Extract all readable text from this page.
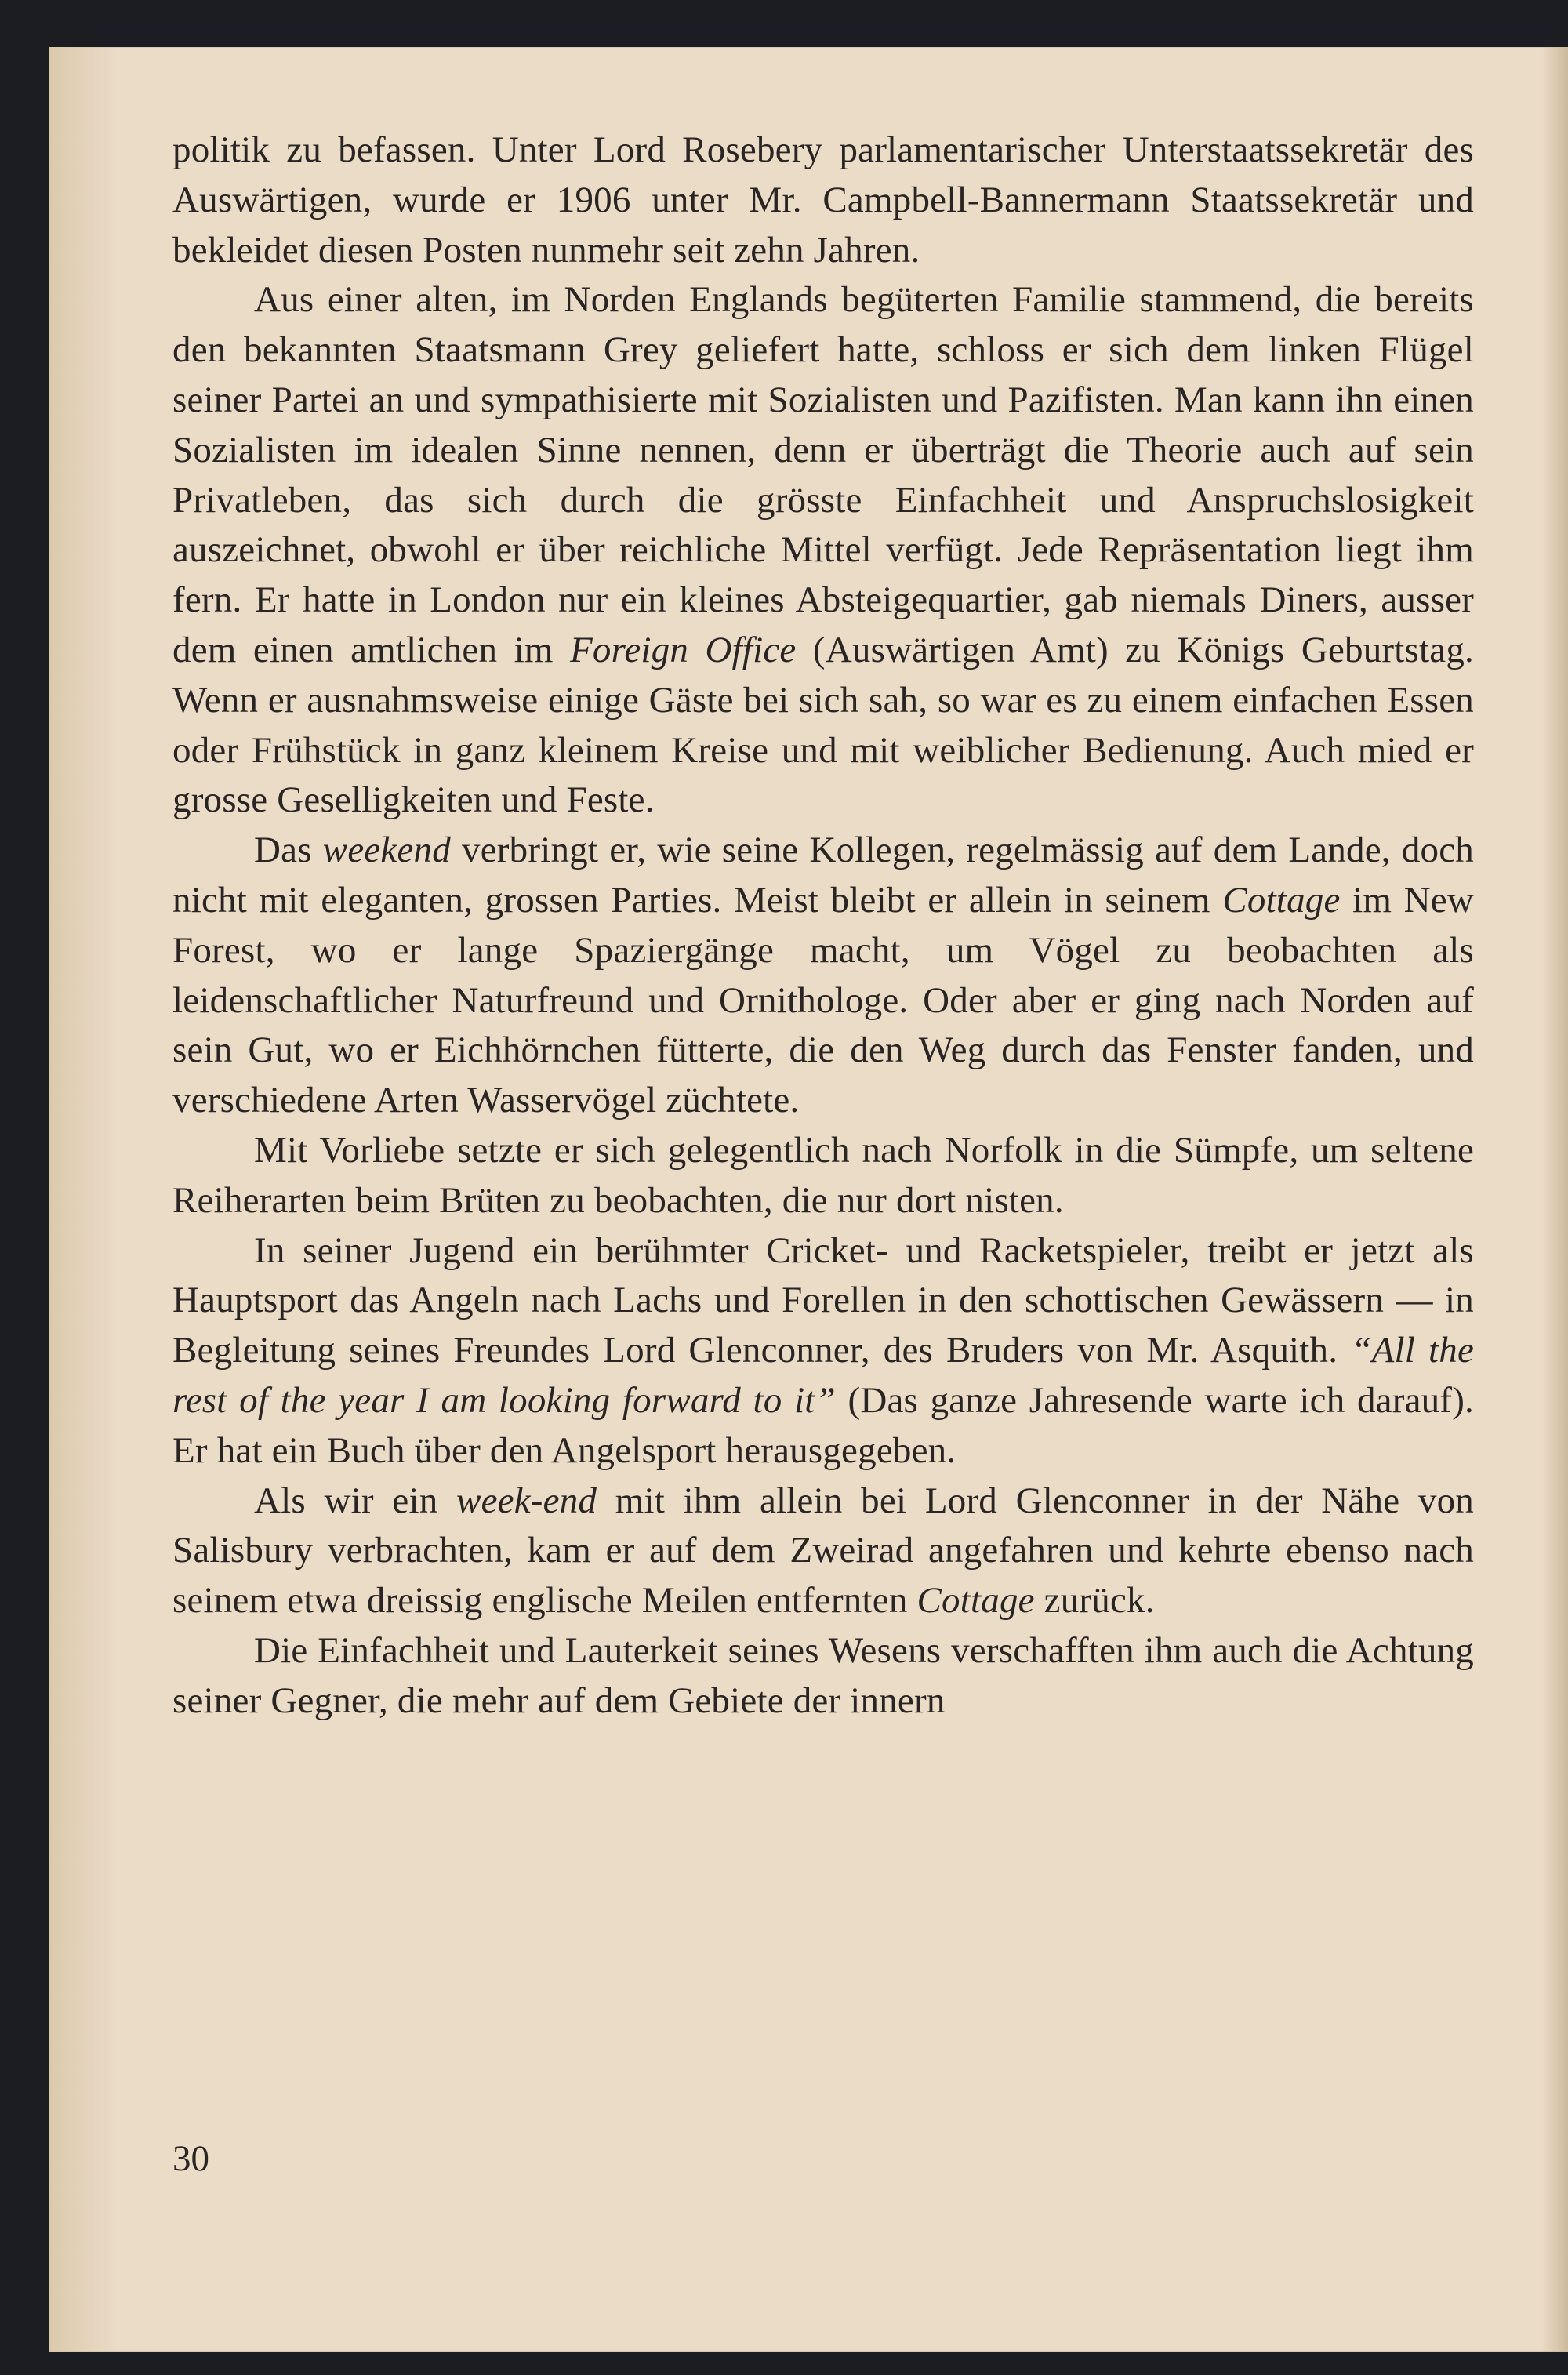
politik zu befassen. Unter Lord Rosebery parlamentarischer Unterstaatssekretär des Auswärtigen, wurde er 1906 unter Mr. Campbell-Bannermann Staatssekretär und bekleidet diesen Posten nunmehr seit zehn Jahren.

Aus einer alten, im Norden Englands begüterten Familie stammend, die bereits den bekannten Staatsmann Grey geliefert hatte, schloss er sich dem linken Flügel seiner Partei an und sympathisierte mit Sozialisten und Pazifisten. Man kann ihn einen Sozialisten im idealen Sinne nennen, denn er überträgt die Theorie auch auf sein Privatleben, das sich durch die grösste Einfachheit und Anspruchslosigkeit auszeichnet, obwohl er über reichliche Mittel verfügt. Jede Repräsentation liegt ihm fern. Er hatte in London nur ein kleines Absteigequartier, gab niemals Diners, ausser dem einen amtlichen im Foreign Office (Auswärtigen Amt) zu Königs Geburtstag. Wenn er ausnahmsweise einige Gäste bei sich sah, so war es zu einem einfachen Essen oder Frühstück in ganz kleinem Kreise und mit weiblicher Bedienung. Auch mied er grosse Geselligkeiten und Feste.

Das weekend verbringt er, wie seine Kollegen, regelmässig auf dem Lande, doch nicht mit eleganten, grossen Parties. Meist bleibt er allein in seinem Cottage im New Forest, wo er lange Spaziergänge macht, um Vögel zu beobachten als leidenschaftlicher Naturfreund und Ornithologe. Oder aber er ging nach Norden auf sein Gut, wo er Eichhörnchen fütterte, die den Weg durch das Fenster fanden, und verschiedene Arten Wasservögel züchtete.

Mit Vorliebe setzte er sich gelegentlich nach Norfolk in die Sümpfe, um seltene Reiherarten beim Brüten zu beobachten, die nur dort nisten.

In seiner Jugend ein berühmter Cricket- und Racketspieler, treibt er jetzt als Hauptsport das Angeln nach Lachs und Forellen in den schottischen Gewässern — in Begleitung seines Freundes Lord Glenconner, des Bruders von Mr. Asquith. “All the rest of the year I am looking forward to it” (Das ganze Jahresende warte ich darauf). Er hat ein Buch über den Angelsport herausgegeben.

Als wir ein week-end mit ihm allein bei Lord Glenconner in der Nähe von Salisbury verbrachten, kam er auf dem Zweirad angefahren und kehrte ebenso nach seinem etwa dreissig englische Meilen entfernten Cottage zurück.

Die Einfachheit und Lauterkeit seines Wesens verschafften ihm auch die Achtung seiner Gegner, die mehr auf dem Gebiete der innern

30
